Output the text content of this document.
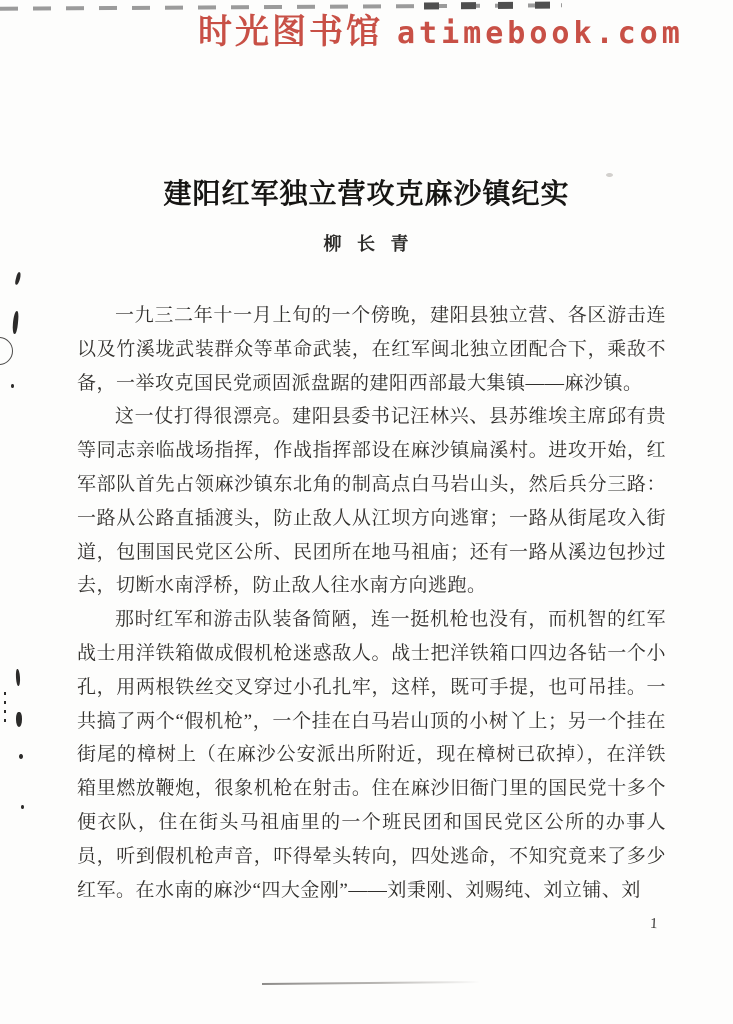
时光图书馆 atimebook.com
建阳红军独立营攻克麻沙镇纪实
柳 长 青

一九三二年十一月上旬的一个傍晚，建阳县独立营、各区游击连以及竹溪垅武装群众等革命武装，在红军闽北独立团配合下，乘敌不备，一举攻克国民党顽固派盘踞的建阳西部最大集镇——麻沙镇。

这一仗打得很漂亮。建阳县委书记汪林兴、县苏维埃主席邱有贵等同志亲临战场指挥，作战指挥部设在麻沙镇扁溪村。进攻开始，红军部队首先占领麻沙镇东北角的制高点白马岩山头，然后兵分三路：一路从公路直插渡头，防止敌人从江坝方向逃窜；一路从街尾攻入街道，包围国民党区公所、民团所在地马祖庙；还有一路从溪边包抄过去，切断水南浮桥，防止敌人往水南方向逃跑。

那时红军和游击队装备简陋，连一挺机枪也没有，而机智的红军战士用洋铁箱做成假机枪迷惑敌人。战士把洋铁箱口四边各钻一个小孔，用两根铁丝交叉穿过小孔扎牢，这样，既可手提，也可吊挂。一共搞了两个“假机枪”，一个挂在白马岩山顶的小树丫上；另一个挂在街尾的樟树上（在麻沙公安派出所附近，现在樟树已砍掉），在洋铁箱里燃放鞭炮，很象机枪在射击。住在麻沙旧衙门里的国民党十多个便衣队，住在街头马祖庙里的一个班民团和国民党区公所的办事人员，听到假机枪声音，吓得晕头转向，四处逃命，不知究竟来了多少红军。在水南的麻沙“四大金刚”——刘秉刚、刘赐纯、刘立铺、刘

1
